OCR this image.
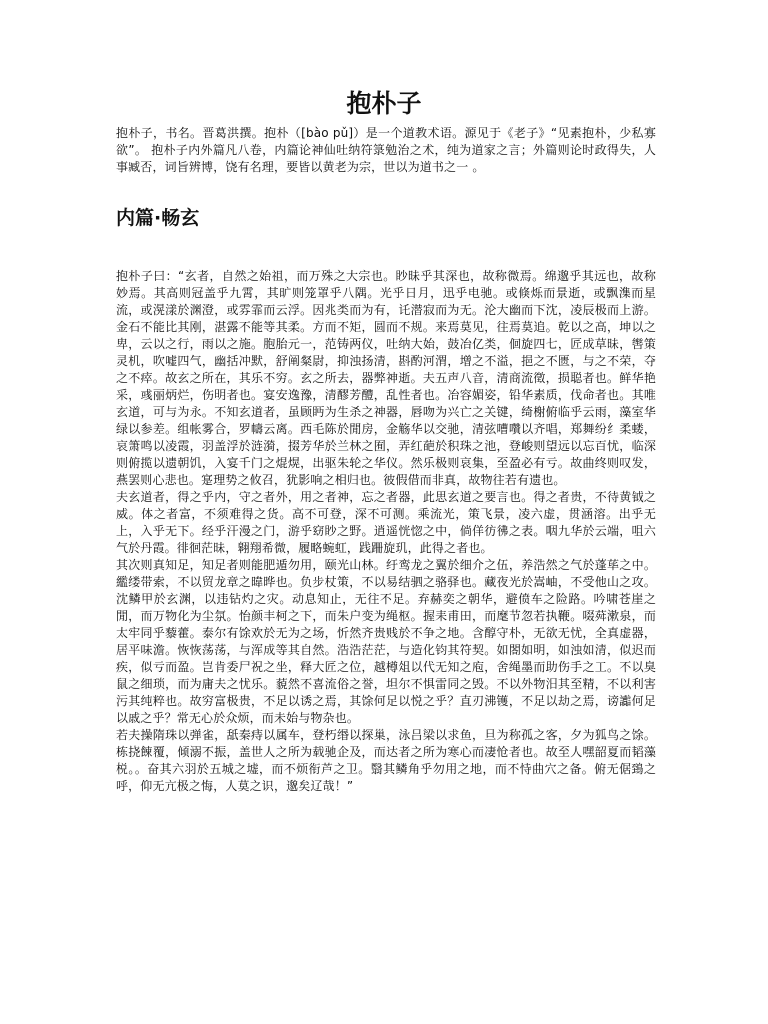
抱朴子

抱朴子，书名。晋葛洪撰。抱朴（[bào pǔ]）是一个道教术语。源见于《老子》“见素抱朴，少私寡欲”。 抱朴子内外篇凡八卷，内篇论神仙吐纳符箓勉治之术，纯为道家之言；外篇则论时政得失，人事臧否，词旨辨博，饶有名理，要皆以黄老为宗，世以为道书之一 。

内篇·畅玄

抱朴子曰：“玄者，自然之始祖，而万殊之大宗也。眇昧乎其深也，故称微焉。绵邈乎其远也，故称妙焉。其高则冠盖乎九霄，其旷则笼罩乎八隅。光乎日月，迅乎电驰。或倏烁而景逝，或飘潗而星流，或滉漾於渊澄，或雰霏而云浮。因兆类而为有，讬潜寂而为无。沦大幽而下沈，凌辰极而上游。金石不能比其刚，湛露不能等其柔。方而不矩，圆而不规。来焉莫见，往焉莫追。乾以之高，坤以之卑，云以之行，雨以之施。胞胎元一，范铸两仪，吐纳大始，鼓冶亿类，佪旋四七，匠成草昧，辔策灵机，吹嘘四气，幽括冲默，舒阐粲尉，抑浊扬清，斟酌河渭，增之不溢，挹之不匮，与之不荣，夺之不瘁。故玄之所在，其乐不穷。玄之所去，器弊神逝。夫五声八音，清商流徵，损聪者也。鲜华艳采，彧丽炳烂，伤明者也。宴安逸豫，清醪芳醴，乱性者也。冶容媚姿，铅华素质，伐命者也。其唯玄道，可与为永。不知玄道者，虽顾眄为生杀之神器，唇吻为兴亡之关键，绮榭俯临乎云雨，藻室华绿以参差。组帐雾合，罗幬云离。西毛陈於閒房，金觞华以交驰，清弦嘈囋以齐唱，郑舞纷纟柔蝼，哀箫鸣以凌霞，羽盖浮於涟漪，掇芳华於兰林之囿，弄红葩於积珠之池，登峻则望远以忘百忧，临深则俯揽以遗朝饥，入宴千门之焜熀，出驱朱轮之华仪。然乐极则哀集，至盈必有亏。故曲终则叹发，燕罢则心悲也。寔理势之攸召，犹影响之相归也。彼假借而非真，故物往若有遗也。

夫玄道者，得之乎内，守之者外，用之者神，忘之者器，此思玄道之要言也。得之者贵，不待黄钺之威。体之者富，不须难得之货。高不可登，深不可测。乘流光，策飞景，凌六虚，贯涵溶。出乎无上，入乎无下。经乎汗漫之门，游乎窈眇之野。逍遥恍惚之中，倘佯彷彿之表。咽九华於云端，咀六气於丹霞。徘徊茫昧，翱翔希微，履略蜿虹，践跚旋玑，此得之者也。

其次则真知足，知足者则能肥遁勿用，颐光山林。纡鸾龙之翼於细介之伍，养浩然之气於蓬荜之中。繿缕带索，不以贸龙章之暐晔也。负步杖策，不以易结驷之骆驿也。藏夜光於嵩岫，不受他山之攻。沈鳞甲於玄渊，以违钻灼之灾。动息知止，无往不足。弃赫奕之朝华，避偾车之险路。吟啸苍崖之閒，而万物化为尘氛。怡颜丰柯之下，而朱户变为绳枢。握耒甫田，而麾节忽若执鞭。啜荈漱泉，而太牢同乎藜藿。泰尔有馀欢於无为之场，忻然齐贵贱於不争之地。含醇守朴，无欲无忧，全真虚器，居平味澹。恢恢荡荡，与浑成等其自然。浩浩茫茫，与造化钧其符契。如閤如明，如浊如清，似迟而疾，似亏而盈。岂肯委尸祝之坐，释大匠之位，越樽俎以代无知之庖，舍绳墨而助伤手之工。不以臭鼠之细琐，而为庸夫之忧乐。藐然不喜流俗之誉，坦尔不惧雷同之毁。不以外物汨其至精，不以利害污其纯粹也。故穷富极贵，不足以诱之焉，其馀何足以悦之乎？直刃沸镬，不足以劫之焉，谤讟何足以戚之乎？常无心於众烦，而未始与物杂也。

若夫操隋珠以弹雀，舐秦痔以属车，登朽缗以探巢，泳吕梁以求鱼，旦为称孤之客，夕为狐鸟之馀。栋挠餗覆，倾溺不振，盖世人之所为载驰企及，而达者之所为寒心而凄怆者也。故至人嘿韶夏而韬藻棁。。奋其六羽於五城之墟，而不烦衔芦之卫。翳其鳞角乎勿用之地，而不恃曲穴之备。俯无倨鵄之呼，仰无亢极之悔，人莫之识，邈矣辽哉！”
